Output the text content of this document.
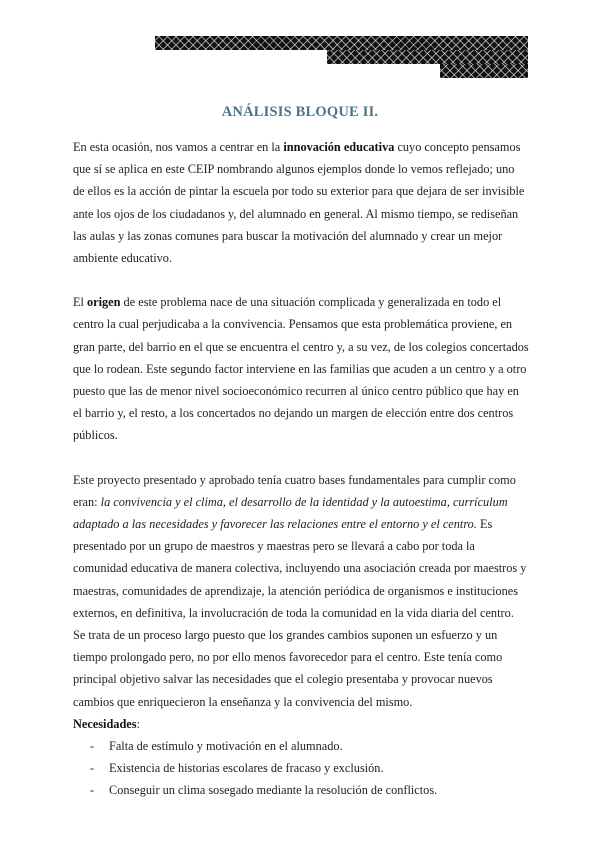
ANÁLISIS BLOQUE II.

En esta ocasión, nos vamos a centrar en la innovación educativa cuyo concepto pensamos que sí se aplica en este CEIP nombrando algunos ejemplos donde lo vemos reflejado; uno de ellos es la acción de pintar la escuela por todo su exterior para que dejara de ser invisible ante los ojos de los ciudadanos y, del alumnado en general. Al mismo tiempo, se rediseñan las aulas y las zonas comunes para buscar la motivación del alumnado y crear un mejor ambiente educativo.

El origen de este problema nace de una situación complicada y generalizada en todo el centro la cual perjudicaba a la convivencia. Pensamos que esta problemática proviene, en gran parte, del barrio en el que se encuentra el centro y, a su vez, de los colegios concertados que lo rodean. Este segundo factor interviene en las familias que acuden a un centro y a otro puesto que las de menor nivel socioeconómico recurren al único centro público que hay en el barrio y, el resto, a los concertados no dejando un margen de elección entre dos centros públicos.

Este proyecto presentado y aprobado tenía cuatro bases fundamentales para cumplir como eran: la convivencia y el clima, el desarrollo de la identidad y la autoestima, currículum adaptado a las necesidades y favorecer las relaciones entre el entorno y el centro. Es presentado por un grupo de maestros y maestras pero se llevará a cabo por toda la comunidad educativa de manera colectiva, incluyendo una asociación creada por maestros y maestras, comunidades de aprendizaje, la atención periódica de organismos e instituciones externos, en definitiva, la involucración de toda la comunidad en la vida diaria del centro.

Se trata de un proceso largo puesto que los grandes cambios suponen un esfuerzo y un tiempo prolongado pero, no por ello menos favorecedor para el centro. Este tenía como principal objetivo salvar las necesidades que el colegio presentaba y provocar nuevos cambios que enriquecieron la enseñanza y la convivencia del mismo.

Necesidades:

- Falta de estímulo y motivación en el alumnado.
- Existencia de historias escolares de fracaso y exclusión.
- Conseguir un clima sosegado mediante la resolución de conflictos.
